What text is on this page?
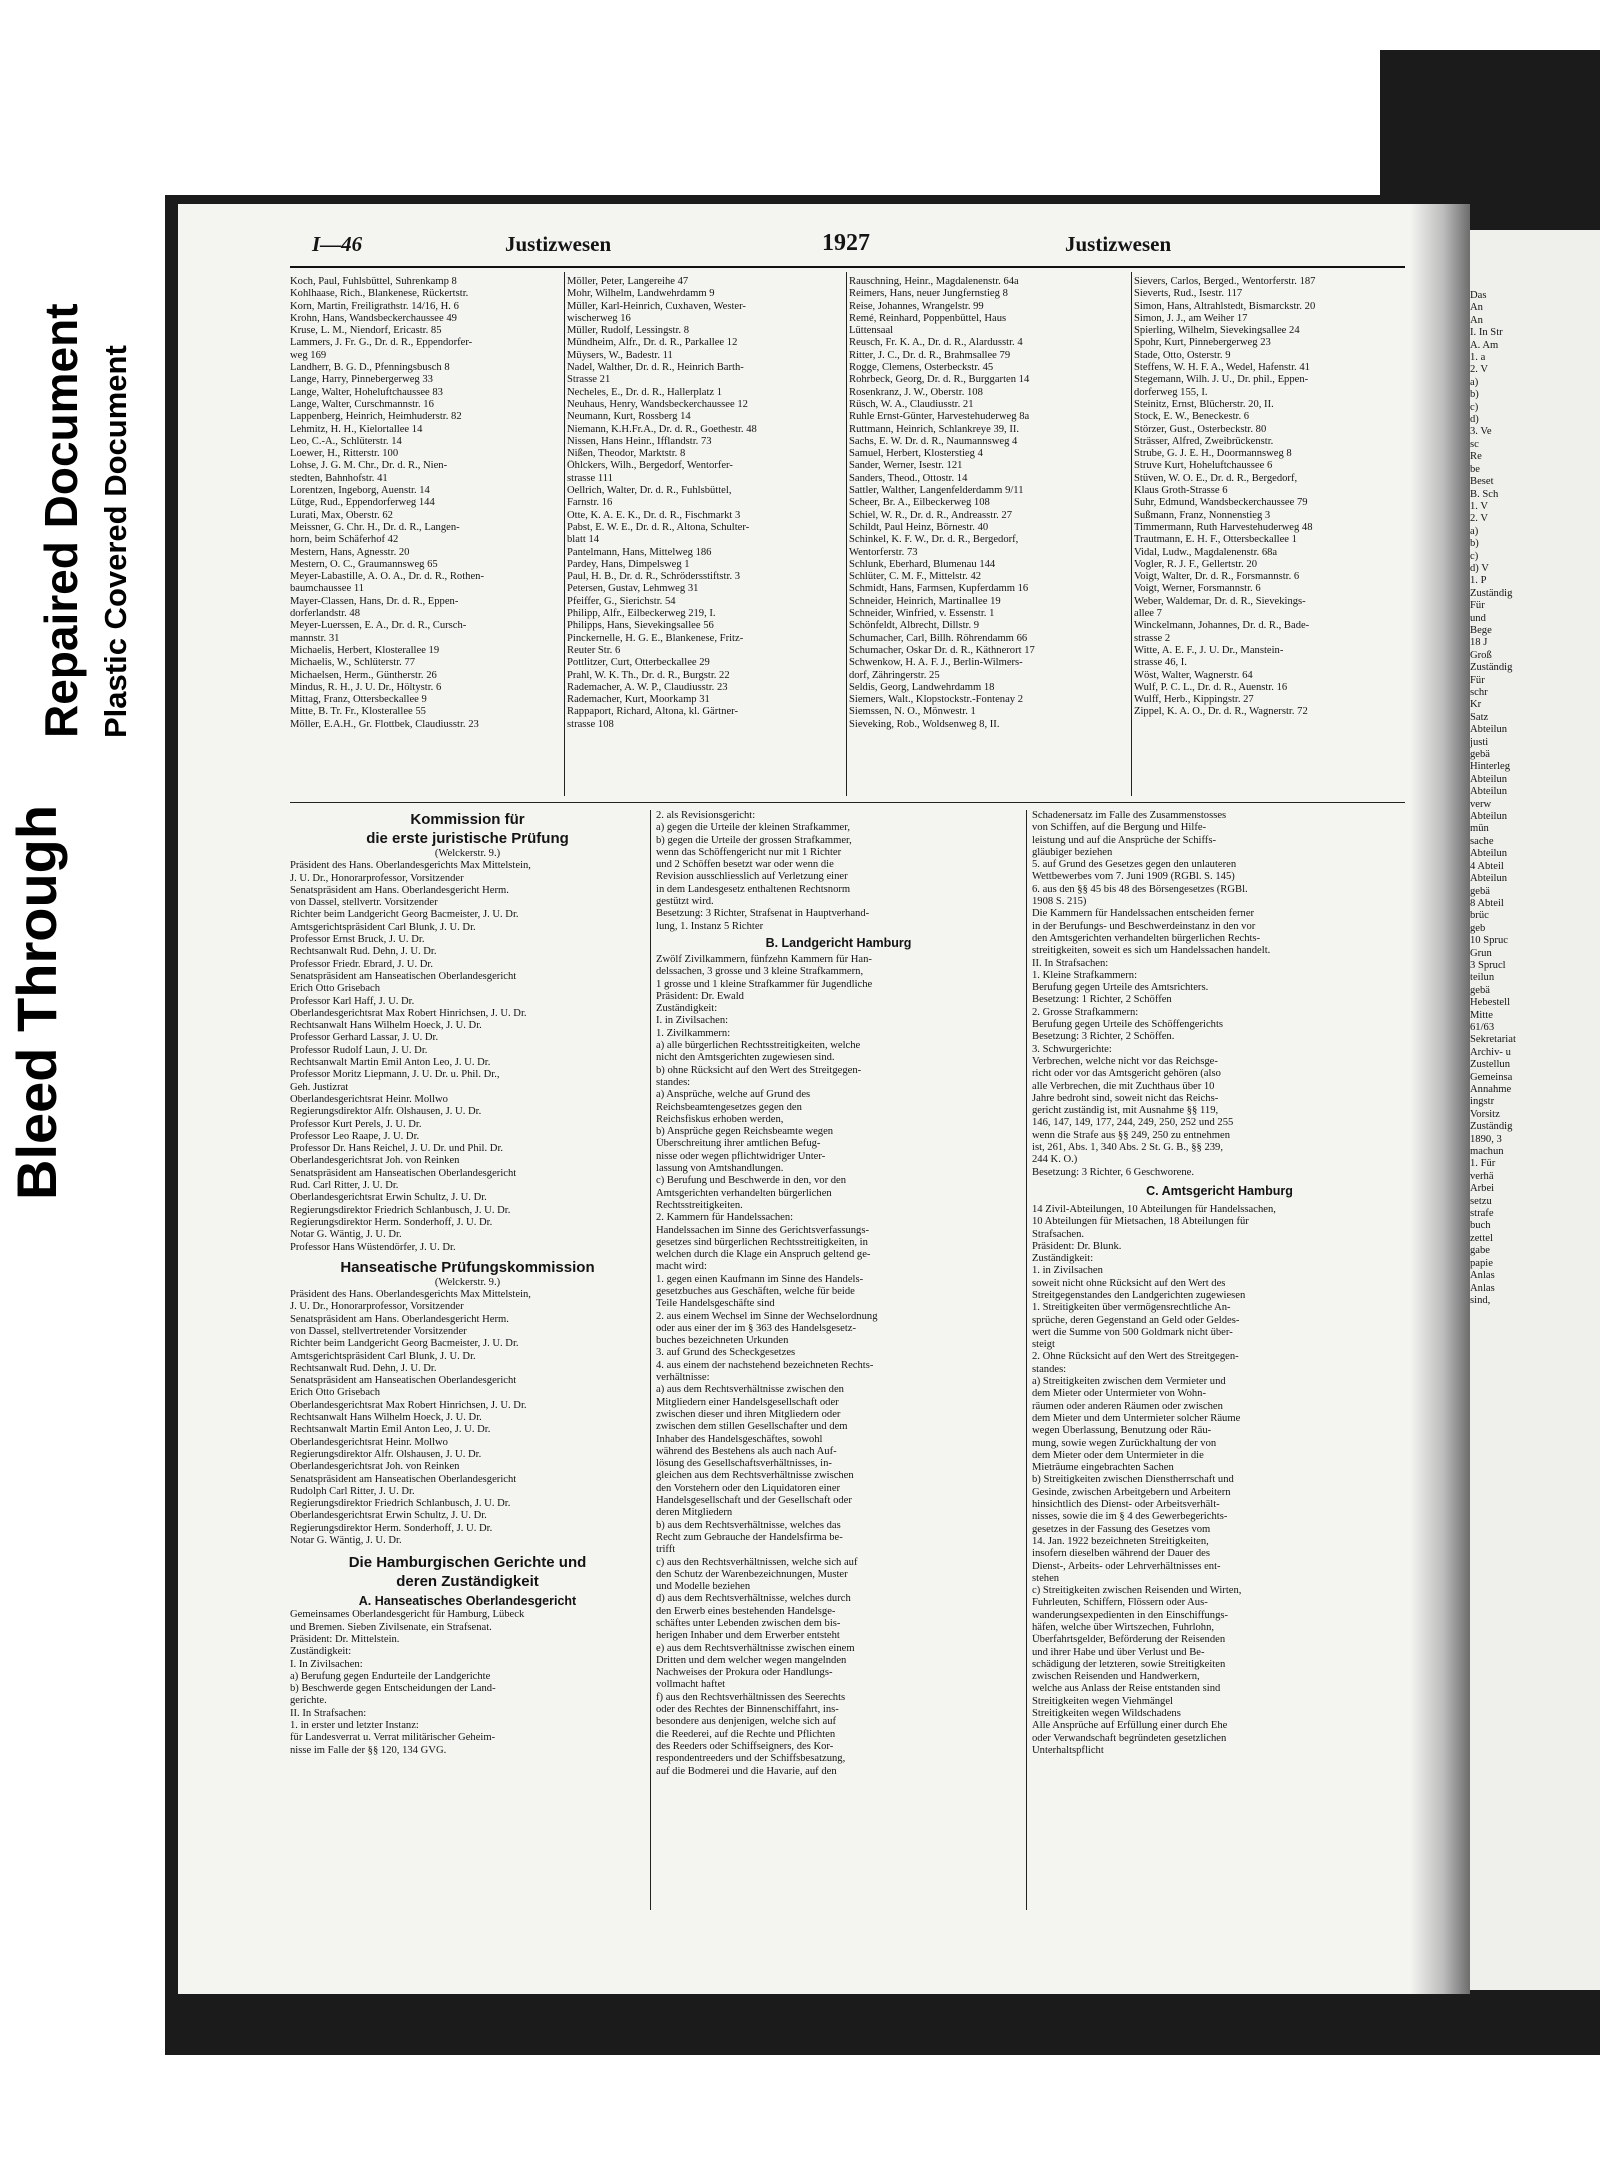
Bleed Through
Repaired Document Plastic Covered Document
I—46	Justizwesen	1927	Justizwesen
Koch, Paul, Fuhlsbüttel, Suhrenkamp 8
Kohlhaase, Rich., Blankenese, Rückertstr.
Korn, Martin, Freiligrathstr. 14/16, H. 6
Krohn, Hans, Wandsbeckerchaussee 49
Kruse, L. M., Niendorf, Ericastr. 85
Lammers, J. Fr. G., Dr. d. R., Eppendorfer-
weg 169
Landherr, B. G. D., Pfenningsbusch 8
Lange, Harry, Pinnebergerweg 33
Lange, Walter, Hoheluftchaussee 83
Lange, Walter, Curschmannstr. 16
Lappenberg, Heinrich, Heimhuderstr. 82
Lehmitz, H. H., Kielortallee 14
Leo, C.-A., Schlüterstr. 14
Loewer, H., Ritterstr. 100
Lohse, J. G. M. Chr., Dr. d. R., Nien-
stedten, Bahnhofstr. 41
Lorentzen, Ingeborg, Auenstr. 14
Lütge, Rud., Eppendorferweg 144
Lurati, Max, Oberstr. 62
Meissner, G. Chr. H., Dr. d. R., Langen-
horn, beim Schäferhof 42
Mestern, Hans, Agnesstr. 20
Mestern, O. C., Graumannsweg 65
Meyer-Labastille, A. O. A., Dr. d. R., Rothen-
baumchaussee 11
Mayer-Classen, Hans, Dr. d. R., Eppen-
dorferlandstr. 48
Meyer-Luerssen, E. A., Dr. d. R., Cursch-
mannstr. 31
Michaelis, Herbert, Klosterallee 19
Michaelis, W., Schlüterstr. 77
Michaelsen, Herm., Güntherstr. 26
Mindus, R. H., J. U. Dr., Höltystr. 6
Mittag, Franz, Ottersbeckallee 9
Mitte, B. Tr. Fr., Klosterallee 55
Möller, E.A.H., Gr. Flottbek, Claudiusstr. 23
Möller, Peter, Langereihe 47
Mohr, Wilhelm, Landwehrdamm 9
Müller, Karl-Heinrich, Cuxhaven, Wester-
wischerweg 16
Müller, Rudolf, Lessingstr. 8
Mündheim, Alfr., Dr. d. R., Parkallee 12
Müysers, W., Badestr. 11
Nadel, Walther, Dr. d. R., Heinrich Barth-
Strasse 21
Necheles, E., Dr. d. R., Hallerplatz 1
Neuhaus, Henry, Wandsbeckerchaussee 12
Neumann, Kurt, Rossberg 14
Niemann, K.H.Fr.A., Dr. d. R., Goethestr. 48
Nissen, Hans Heinr., Ifflandstr. 73
Nißen, Theodor, Marktstr. 8
Öhlckers, Wilh., Bergedorf, Wentorfer-
strasse 111
Oellrich, Walter, Dr. d. R., Fuhlsbüttel,
Farnstr. 16
Otte, K. A. E. K., Dr. d. R., Fischmarkt 3
Pabst, E. W. E., Dr. d. R., Altona, Schulter-
blatt 14
Pantelmann, Hans, Mittelweg 186
Pardey, Hans, Dimpelsweg 1
Paul, H. B., Dr. d. R., Schrödersstiftstr. 3
Petersen, Gustav, Lehmweg 31
Pfeiffer, G., Sierichstr. 54
Philipp, Alfr., Eilbeckerweg 219, I.
Philipps, Hans, Sievekingsallee 56
Pinckernelle, H. G. E., Blankenese, Fritz-
Reuter Str. 6
Pottlitzer, Curt, Otterbeckallee 29
Prahl, W. K. Th., Dr. d. R., Burgstr. 22
Rademacher, A. W. P., Claudiusstr. 23
Rademacher, Kurt, Moorkamp 31
Rappaport, Richard, Altona, kl. Gärtner-
strasse 108
Rauschning, Heinr., Magdalenenstr. 64a
Reimers, Hans, neuer Jungfernstieg 8
Reise, Johannes, Wrangelstr. 99
Remé, Reinhard, Poppenbüttel, Haus
Lüttensaal
Reusch, Fr. K. A., Dr. d. R., Alardusstr. 4
Ritter, J. C., Dr. d. R., Brahmsallee 79
Rogge, Clemens, Osterbeckstr. 45
Rohrbeck, Georg, Dr. d. R., Burggarten 14
Rosenkranz, J. W., Oberstr. 108
Rüsch, W. A., Claudiusstr. 21
Ruhle Ernst-Günter, Harvestehuderweg 8a
Ruttmann, Heinrich, Schlankreye 39, II.
Sachs, E. W. Dr. d. R., Naumannsweg 4
Samuel, Herbert, Klosterstieg 4
Sander, Werner, Isestr. 121
Sanders, Theod., Ottostr. 14
Sattler, Walther, Langenfelderdamm 9/11
Scheer, Br. A., Eilbeckerweg 108
Schiel, W. R., Dr. d. R., Andreasstr. 27
Schildt, Paul Heinz, Börnestr. 40
Schinkel, K. F. W., Dr. d. R., Bergedorf,
Wentorferstr. 73
Schlunk, Eberhard, Blumenau 144
Schlüter, C. M. F., Mittelstr. 42
Schmidt, Hans, Farmsen, Kupferdamm 16
Schneider, Heinrich, Martinallee 19
Schneider, Winfried, v. Essenstr. 1
Schönfeldt, Albrecht, Dillstr. 9
Schumacher, Carl, Billh. Röhrendamm 66
Schumacher, Oskar Dr. d. R., Käthnerort 17
Schwenkow, H. A. F. J., Berlin-Wilmers-
dorf, Zähringerstr. 25
Seldis, Georg, Landwehrdamm 18
Siemers, Walt., Klopstockstr.-Fontenay 2
Siemssen, N. O., Mönwestr. 1
Sieveking, Rob., Woldsenweg 8, II.
Sievers, Carlos, Berged., Wentorferstr. 187
Sieverts, Rud., Isestr. 117
Simon, Hans, Altrahlstedt, Bismarckstr. 20
Simon, J. J., am Weiher 17
Spierling, Wilhelm, Sievekingsallee 24
Spohr, Kurt, Pinnebergerweg 23
Stade, Otto, Osterstr. 9
Steffens, W. H. F. A., Wedel, Hafenstr. 41
Stegemann, Wilh. J. U., Dr. phil., Eppen-
dorferweg 155, I.
Steinitz, Ernst, Blücherstr. 20, II.
Stock, E. W., Beneckestr. 6
Störzer, Gust., Osterbeckstr. 80
Strässer, Alfred, Zweibrückenstr.
Strube, G. J. E. H., Doormannsweg 8
Struve Kurt, Hoheluftchaussee 6
Stüven, W. O. E., Dr. d. R., Bergedorf,
Klaus Groth-Strasse 6
Suhr, Edmund, Wandsbeckerchaussee 79
Sußmann, Franz, Nonnenstieg 3
Timmermann, Ruth Harvestehuderweg 48
Trautmann, E. H. F., Ottersbeckallee 1
Vidal, Ludw., Magdalenenstr. 68a
Vogler, R. J. F., Gellertstr. 20
Voigt, Walter, Dr. d. R., Forsmannstr. 6
Voigt, Werner, Forsmannstr. 6
Weber, Waldemar, Dr. d. R., Sievekings-
allee 7
Winckelmann, Johannes, Dr. d. R., Bade-
strasse 2
Witte, A. E. F., J. U. Dr., Manstein-
strasse 46, I.
Wöst, Walter, Wagnerstr. 64
Wulf, P. C. L., Dr. d. R., Auenstr. 16
Wulff, Herb., Kippingstr. 27
Zippel, K. A. O., Dr. d. R., Wagnerstr. 72
Kommission für
die erste juristische Prüfung
(Welckerstr. 9.)
Präsident des Hans. Oberlandesgerichts Max Mittelstein,
J. U. Dr., Honorarprofessor, Vorsitzender
Senatspräsident am Hans. Oberlandesgericht Herm.
von Dassel, stellvertr. Vorsitzender
Richter beim Landgericht Georg Bacmeister, J. U. Dr.
Amtsgerichtspräsident Carl Blunk, J. U. Dr.
Professor Ernst Bruck, J. U. Dr.
Rechtsanwalt Rud. Dehn, J. U. Dr.
Professor Friedr. Ebrard, J. U. Dr.
Senatspräsident am Hanseatischen Oberlandesgericht
Erich Otto Grisebach
Professor Karl Haff, J. U. Dr.
Oberlandesgerichtsrat Max Robert Hinrichsen, J. U. Dr.
Rechtsanwalt Hans Wilhelm Hoeck, J. U. Dr.
Professor Gerhard Lassar, J. U. Dr.
Professor Rudolf Laun, J. U. Dr.
Rechtsanwalt Martin Emil Anton Leo, J. U. Dr.
Professor Moritz Liepmann, J. U. Dr. u. Phil. Dr.,
Geh. Justizrat
Oberlandesgerichtsrat Heinr. Mollwo
Regierungsdirektor Alfr. Olshausen, J. U. Dr.
Professor Kurt Perels, J. U. Dr.
Professor Leo Raape, J. U. Dr.
Professor Dr. Hans Reichel, J. U. Dr. und Phil. Dr.
Oberlandesgerichtsrat Joh. von Reinken
Senatspräsident am Hanseatischen Oberlandesgericht
Rud. Carl Ritter, J. U. Dr.
Oberlandesgerichtsrat Erwin Schultz, J. U. Dr.
Regierungsdirektor Friedrich Schlanbusch, J. U. Dr.
Regierungsdirektor Herm. Sonderhoff, J. U. Dr.
Notar G. Wäntig, J. U. Dr.
Professor Hans Wüstendörfer, J. U. Dr.
Hanseatische Prüfungskommission
(Welckerstr. 9.)
Präsident des Hans. Oberlandesgerichts Max Mittelstein,
J. U. Dr., Honorarprofessor, Vorsitzender
Senatspräsident am Hans. Oberlandesgericht Herm.
von Dassel, stellvertretender Vorsitzender
Richter beim Landgericht Georg Bacmeister, J. U. Dr.
Amtsgerichtspräsident Carl Blunk, J. U. Dr.
Rechtsanwalt Rud. Dehn, J. U. Dr.
Senatspräsident am Hanseatischen Oberlandesgericht
Erich Otto Grisebach
Oberlandesgerichtsrat Max Robert Hinrichsen, J. U. Dr.
Rechtsanwalt Hans Wilhelm Hoeck, J. U. Dr.
Rechtsanwalt Martin Emil Anton Leo, J. U. Dr.
Oberlandesgerichtsrat Heinr. Mollwo
Regierungsdirektor Alfr. Olshausen, J. U. Dr.
Oberlandesgerichtsrat Joh. von Reinken
Senatspräsident am Hanseatischen Oberlandesgericht
Rudolph Carl Ritter, J. U. Dr.
Regierungsdirektor Friedrich Schlanbusch, J. U. Dr.
Oberlandesgerichtsrat Erwin Schultz, J. U. Dr.
Regierungsdirektor Herm. Sonderhoff, J. U. Dr.
Notar G. Wäntig, J. U. Dr.
Die Hamburgischen Gerichte und
deren Zuständigkeit
A. Hanseatisches Oberlandesgericht
Gemeinsames Oberlandesgericht für Hamburg, Lübeck
und Bremen. Sieben Zivilsenate, ein Strafsenat.
Präsident: Dr. Mittelstein.
Zuständigkeit:
I. In Zivilsachen:
a) Berufung gegen Endurteile der Landgerichte
b) Beschwerde gegen Entscheidungen der Land-
gerichte.
II. In Strafsachen:
1. in erster und letzter Instanz:
für Landesverrat u. Verrat militärischer Geheim-
nisse im Falle der §§ 120, 134 GVG.
2. als Revisionsgericht:
a) gegen die Urteile der kleinen Strafkammer,
b) gegen die Urteile der grossen Strafkammer,
wenn das Schöffengericht nur mit 1 Richter
und 2 Schöffen besetzt war oder wenn die
Revision ausschliesslich auf Verletzung einer
in dem Landesgesetz enthaltenen Rechtsnorm
gestützt wird.
Besetzung: 3 Richter, Strafsenat in Hauptverhand-
lung, 1. Instanz 5 Richter
B. Landgericht Hamburg
Zwölf Zivilkammern, fünfzehn Kammern für Han-
delssachen, 3 grosse und 3 kleine Strafkammern,
1 grosse und 1 kleine Strafkammer für Jugendliche
Präsident: Dr. Ewald
Zuständigkeit:
I. in Zivilsachen:
1. Zivilkammern:
a) alle bürgerlichen Rechtsstreitigkeiten, welche
nicht den Amtsgerichten zugewiesen sind.
b) ohne Rücksicht auf den Wert des Streitgegen-
standes:
a) Ansprüche, welche auf Grund des
Reichsbeamtengesetzes gegen den
Reichsfiskus erhoben werden,
b) Ansprüche gegen Reichsbeamte wegen
Überschreitung ihrer amtlichen Befug-
nisse oder wegen pflichtwidriger Unter-
lassung von Amtshandlungen.
c) Berufung und Beschwerde in den, vor den
Amtsgerichten verhandelten bürgerlichen
Rechtsstreitigkeiten.
2. Kammern für Handelssachen:
Handelssachen im Sinne des Gerichtsverfassungs-
gesetzes sind bürgerlichen Rechtsstreitigkeiten, in
welchen durch die Klage ein Anspruch geltend ge-
macht wird:
1. gegen einen Kaufmann im Sinne des Handels-
gesetzbuches aus Geschäften, welche für beide
Teile Handelsgeschäfte sind
2. aus einem Wechsel im Sinne der Wechselordnung
oder aus einer der im § 363 des Handelsgesetz-
buches bezeichneten Urkunden
3. auf Grund des Scheckgesetzes
4. aus einem der nachstehend bezeichneten Rechts-
verhältnisse:
a) aus dem Rechtsverhältnisse zwischen den
Mitgliedern einer Handelsgesellschaft oder
zwischen dieser und ihren Mitgliedern oder
zwischen dem stillen Gesellschafter und dem
Inhaber des Handelsgeschäftes, sowohl
während des Bestehens als auch nach Auf-
lösung des Gesellschaftsverhältnisses, in-
gleichen aus dem Rechtsverhältnisse zwischen
den Vorstehern oder den Liquidatoren einer
Handelsgesellschaft und der Gesellschaft oder
deren Mitgliedern
b) aus dem Rechtsverhältnisse, welches das
Recht zum Gebrauche der Handelsfirma be-
trifft
c) aus den Rechtsverhältnissen, welche sich auf
den Schutz der Warenbezeichnungen, Muster
und Modelle beziehen
d) aus dem Rechtsverhältnisse, welches durch
den Erwerb eines bestehenden Handelsge-
schäftes unter Lebenden zwischen dem bis-
herigen Inhaber und dem Erwerber entsteht
e) aus dem Rechtsverhältnisse zwischen einem
Dritten und dem welcher wegen mangelnden
Nachweises der Prokura oder Handlungs-
vollmacht haftet
f) aus den Rechtsverhältnissen des Seerechts
oder des Rechtes der Binnenschiffahrt, ins-
besondere aus denjenigen, welche sich auf
die Reederei, auf die Rechte und Pflichten
des Reeders oder Schiffseigners, des Kor-
respondentreeders und der Schiffsbesatzung,
auf die Bodmerei und die Havarie, auf den
Schadenersatz im Falle des Zusammenstosses
von Schiffen, auf die Bergung und Hilfe-
leistung und auf die Ansprüche der Schiffs-
gläubiger beziehen
5. auf Grund des Gesetzes gegen den unlauteren
Wettbewerbes vom 7. Juni 1909 (RGBl. S. 145)
6. aus den §§ 45 bis 48 des Börsengesetzes (RGBl.
1908 S. 215)
Die Kammern für Handelssachen entscheiden ferner
in der Berufungs- und Beschwerdeinstanz in den vor
den Amtsgerichten verhandelten bürgerlichen Rechts-
streitigkeiten, soweit es sich um Handelssachen handelt.
II. In Strafsachen:
1. Kleine Strafkammern:
Berufung gegen Urteile des Amtsrichters.
Besetzung: 1 Richter, 2 Schöffen
2. Grosse Strafkammern:
Berufung gegen Urteile des Schöffengerichts
Besetzung: 3 Richter, 2 Schöffen.
3. Schwurgerichte:
Verbrechen, welche nicht vor das Reichsge-
richt oder vor das Amtsgericht gehören (also
alle Verbrechen, die mit Zuchthaus über 10
Jahre bedroht sind, soweit nicht das Reichs-
gericht zuständig ist, mit Ausnahme §§ 119,
146, 147, 149, 177, 244, 249, 250, 252 und 255
wenn die Strafe aus §§ 249, 250 zu entnehmen
ist, 261, Abs. 1, 340 Abs. 2 St. G. B., §§ 239,
244 K. O.)
Besetzung: 3 Richter, 6 Geschworene.
C. Amtsgericht Hamburg
14 Zivil-Abteilungen, 10 Abteilungen für Handelssachen,
10 Abteilungen für Mietsachen, 18 Abteilungen für
Strafsachen.
Präsident: Dr. Blunk.
Zuständigkeit:
1. in Zivilsachen
soweit nicht ohne Rücksicht auf den Wert des
Streitgegenstandes den Landgerichten zugewiesen
1. Streitigkeiten über vermögensrechtliche An-
sprüche, deren Gegenstand an Geld oder Geldes-
wert die Summe von 500 Goldmark nicht über-
steigt
2. Ohne Rücksicht auf den Wert des Streitgegen-
standes:
a) Streitigkeiten zwischen dem Vermieter und
dem Mieter oder Untermieter von Wohn-
räumen oder anderen Räumen oder zwischen
dem Mieter und dem Untermieter solcher Räume
wegen Überlassung, Benutzung oder Räu-
mung, sowie wegen Zurückhaltung der von
dem Mieter oder dem Untermieter in die
Mieträume eingebrachten Sachen
b) Streitigkeiten zwischen Dienstherrschaft und
Gesinde, zwischen Arbeitgebern und Arbeitern
hinsichtlich des Dienst- oder Arbeitsverhält-
nisses, sowie die im § 4 des Gewerbegerichts-
gesetzes in der Fassung des Gesetzes vom
14. Jan. 1922 bezeichneten Streitigkeiten,
insofern dieselben während der Dauer des
Dienst-, Arbeits- oder Lehrverhältnisses ent-
stehen
c) Streitigkeiten zwischen Reisenden und Wirten,
Fuhrleuten, Schiffern, Flössern oder Aus-
wanderungsexpedienten in den Einschiffungs-
häfen, welche über Wirtszechen, Fuhrlohn,
Überfahrtsgelder, Beförderung der Reisenden
und ihrer Habe und über Verlust und Be-
schädigung der letzteren, sowie Streitigkeiten
zwischen Reisenden und Handwerkern,
welche aus Anlass der Reise entstanden sind
Streitigkeiten wegen Viehmängel
Streitigkeiten wegen Wildschadens
Alle Ansprüche auf Erfüllung einer durch Ehe
oder Verwandschaft begründeten gesetzlichen
Unterhaltspflicht
Das
An
An
I. In Str
A. Am
1. a
2. V
a)
b)
c)
d)
3. Ve
sc
Re
be
Beset
B. Sch
1. V
2. V
a)
b)
c)
d) V
1. P
Zuständig
Für
und
Bege
18 J
Groß
Zuständig
Für
schr
Kr
Satz
Abteilun
justi
gebä
Hinterleg
Abteilun
Abteilun
verw
Abteilun
mün
sache
Abteilun
4 Abteil
Abteilun
gebä
8 Abteil
brüc
geb
10 Spruc
Grun
3 Sprucl
teilun
gebä
Hebestell
Mitte
61/63
Sekretariat
Archiv- u
Zustellun
Gemeinsa
Annahme
ingstr
Vorsitz
Zuständig
1890, 3
machun
1. Für
verhä
Arbei
setzu
strafe
buch
zettel
gabe
papie
Anlas
Anlas
sind,
